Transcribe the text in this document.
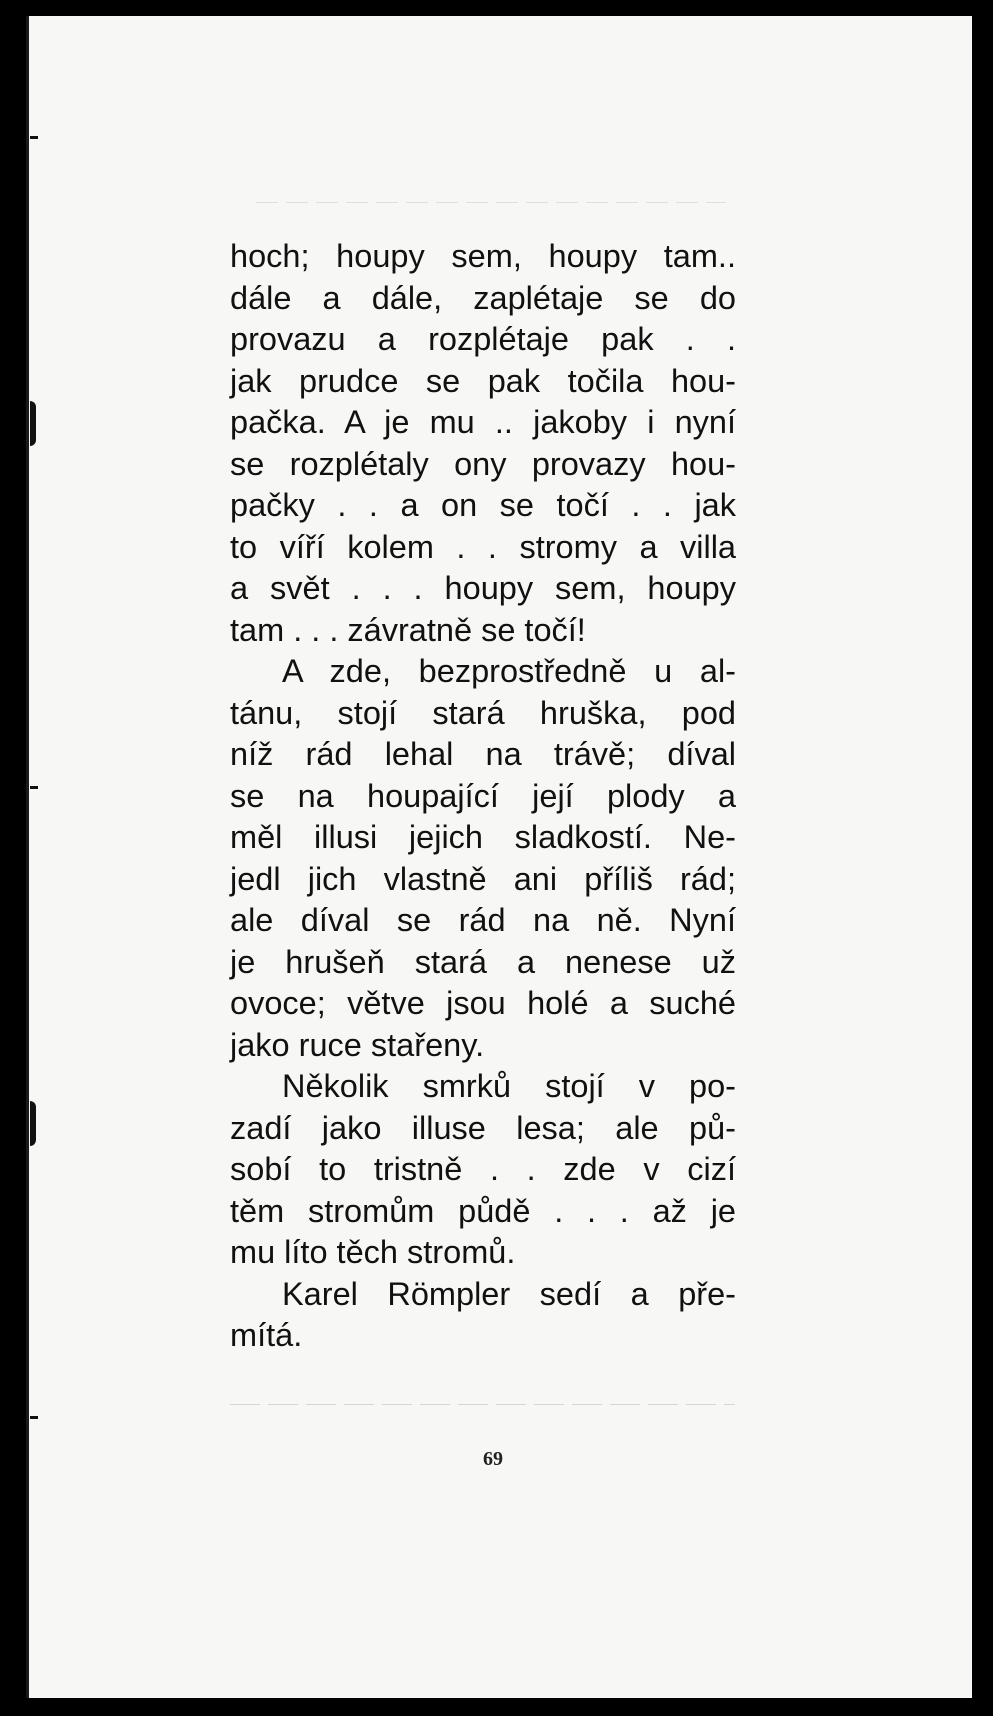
hoch; houpy sem, houpy tam..
dále a dále, zaplétaje se do
provazu a rozplétaje pak . .
jak prudce se pak točila hou-
pačka. A je mu .. jakoby i nyní
se rozplétaly ony provazy hou-
pačky . . a on se točí . . jak
to víří kolem . . stromy a villa
a svět . . . houpy sem, houpy
tam . . . závratně se točí!
A zde, bezprostředně u al-
tánu, stojí stará hruška, pod
níž rád lehal na trávě; díval
se na houpající její plody a
měl illusi jejich sladkostí. Ne-
jedl jich vlastně ani příliš rád;
ale díval se rád na ně. Nyní
je hrušeň stará a nenese už
ovoce; větve jsou holé a suché
jako ruce stařeny.
Několik smrků stojí v po-
zadí jako illuse lesa; ale pů-
sobí to tristně . . zde v cizí
těm stromům půdě . . . až je
mu líto těch stromů.
Karel Römpler sedí a pře-
mítá.
69
